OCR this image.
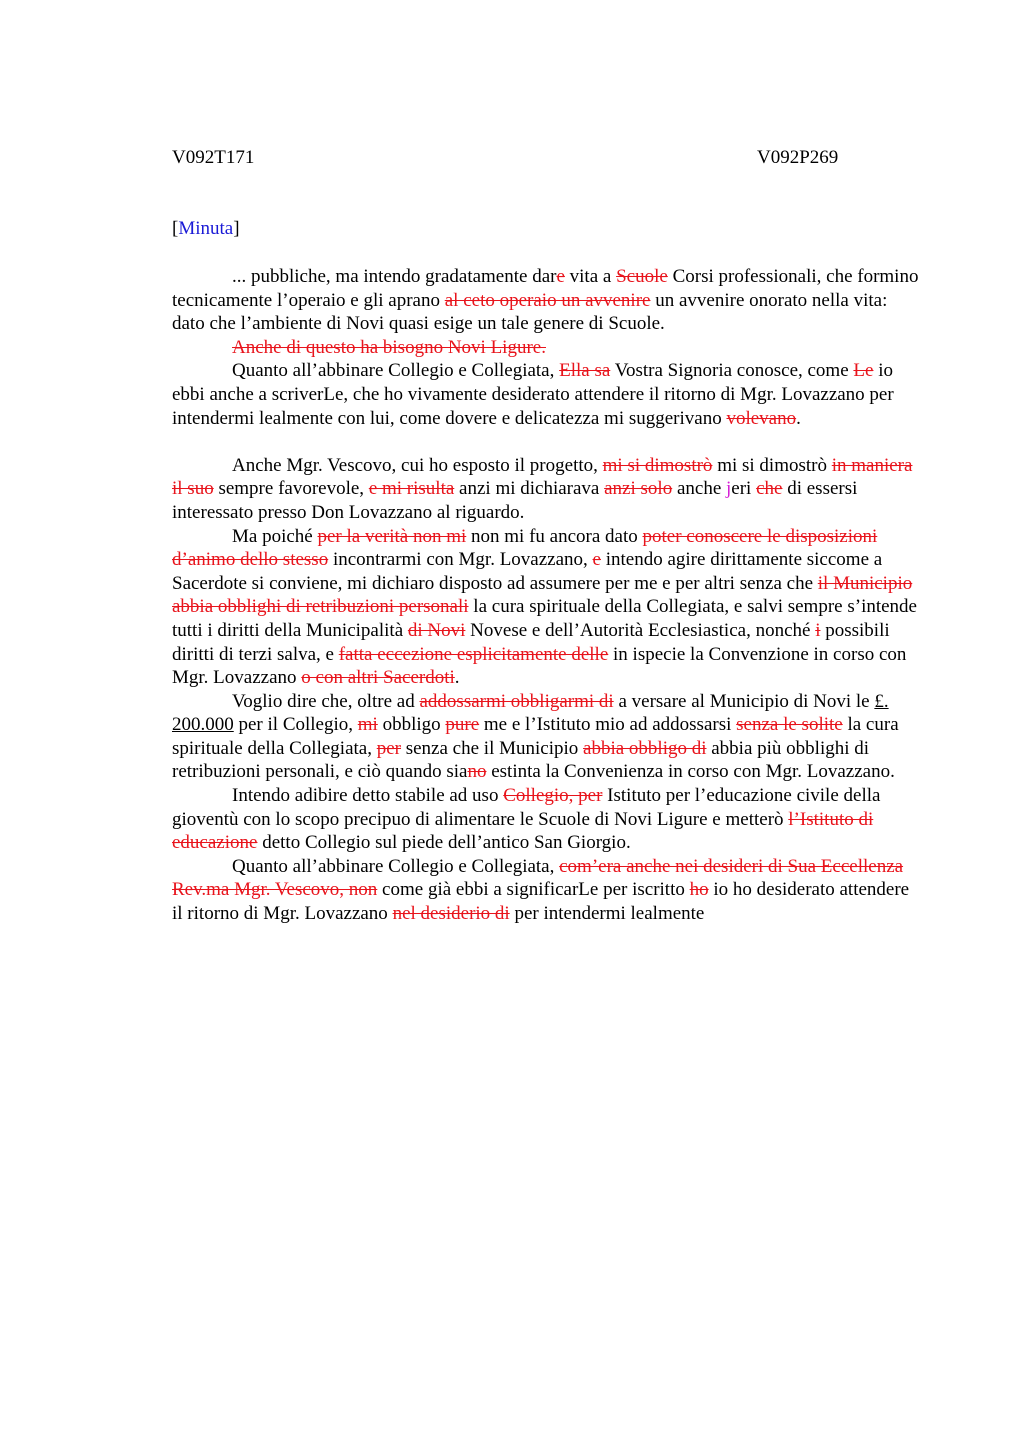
V092T171	V092P269
[Minuta]

... pubbliche, ma intendo gradatamente dare vita a Scuole Corsi professionali, che formino tecnicamente l’operaio e gli aprano al ceto operaio un avvenire un avvenire onorato nella vita: dato che l’ambiente di Novi quasi esige un tale genere di Scuole.

Anche di questo ha bisogno Novi Ligure.

Quanto all’abbinare Collegio e Collegiata, Ella sa Vostra Signoria conosce, come Le io ebbi anche a scriverLe, che ho vivamente desiderato attendere il ritorno di Mgr. Lovazzano per intendermi lealmente con lui, come dovere e delicatezza mi suggerivano volevano.

Anche Mgr. Vescovo, cui ho esposto il progetto, mi si dimostrò mi si dimostrò in maniera il suo sempre favorevole, e mi risulta anzi mi dichiarava anzi solo anche jeri che di essersi interessato presso Don Lovazzano al riguardo.

Ma poiché per la verità non mi non mi fu ancora dato poter conoscere le disposizioni d’animo dello stesso incontrarmi con Mgr. Lovazzano, e intendo agire dirittamente siccome a Sacerdote si conviene, mi dichiaro disposto ad assumere per me e per altri senza che il Municipio abbia obblighi di retribuzioni personali la cura spirituale della Collegiata, e salvi sempre s’intende tutti i diritti della Municipalità di Novi Novese e dell’Autorità Ecclesiastica, nonché i possibili diritti di terzi salva, e fatta eccezione esplicitamente delle in ispecie la Convenzione in corso con Mgr. Lovazzano o con altri Sacerdoti.

Voglio dire che, oltre ad addossarmi obbligarmi di a versare al Municipio di Novi le £. 200.000 per il Collegio, mi obbligo pure me e l’Istituto mio ad addossarsi senza le solite la cura spirituale della Collegiata, per senza che il Municipio abbia obbligo di abbia più obblighi di retribuzioni personali, e ciò quando siano estinta la Convenienza in corso con Mgr. Lovazzano.

Intendo adibire detto stabile ad uso Collegio, per Istituto per l’educazione civile della gioventù con lo scopo precipuo di alimentare le Scuole di Novi Ligure e metterò l’Istituto di educazione detto Collegio sul piede dell’antico San Giorgio.

Quanto all’abbinare Collegio e Collegiata, com’era anche nei desideri di Sua Eccellenza Rev.ma Mgr. Vescovo, non come già ebbi a significarLe per iscritto ho io ho desiderato attendere il ritorno di Mgr. Lovazzano nel desiderio di per intendermi lealmente
